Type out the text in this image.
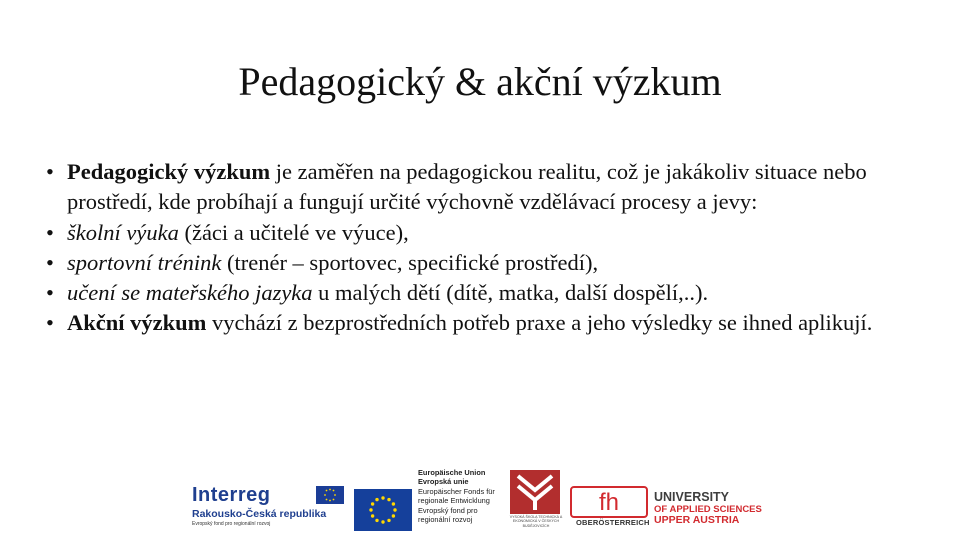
Pedagogický & akční výzkum
• Pedagogický výzkum je zaměřen na pedagogickou realitu, což je jakákoliv situace nebo prostředí, kde probíhají a fungují určité výchovně vzdělávací procesy a jevy:
• školní výuka (žáci a učitelé ve výuce),
• sportovní trénink (trenér – sportovec, specifické prostředí),
• učení se mateřského jazyka u malých dětí (dítě, matka, další dospělí,..).
• Akční výzkum vychází z bezprostředních potřeb praxe a jeho výsledky se ihned aplikují.
Interreg
Rakousko-Česká republika
Evropský fond pro regionální rozvoj
Europäische Union
Evropská unie
Europäischer Fonds für
regionale Entwicklung
Evropský fond pro
regionální rozvoj	VYSOKÁ ŠKOLA TECHNICKÁ A EKONOMICKÁ V ČESKÝCH BUDĚJOVICÍCH
fh
OBERÖSTERREICH
UNIVERSITY
OF APPLIED SCIENCES
UPPER AUSTRIA
